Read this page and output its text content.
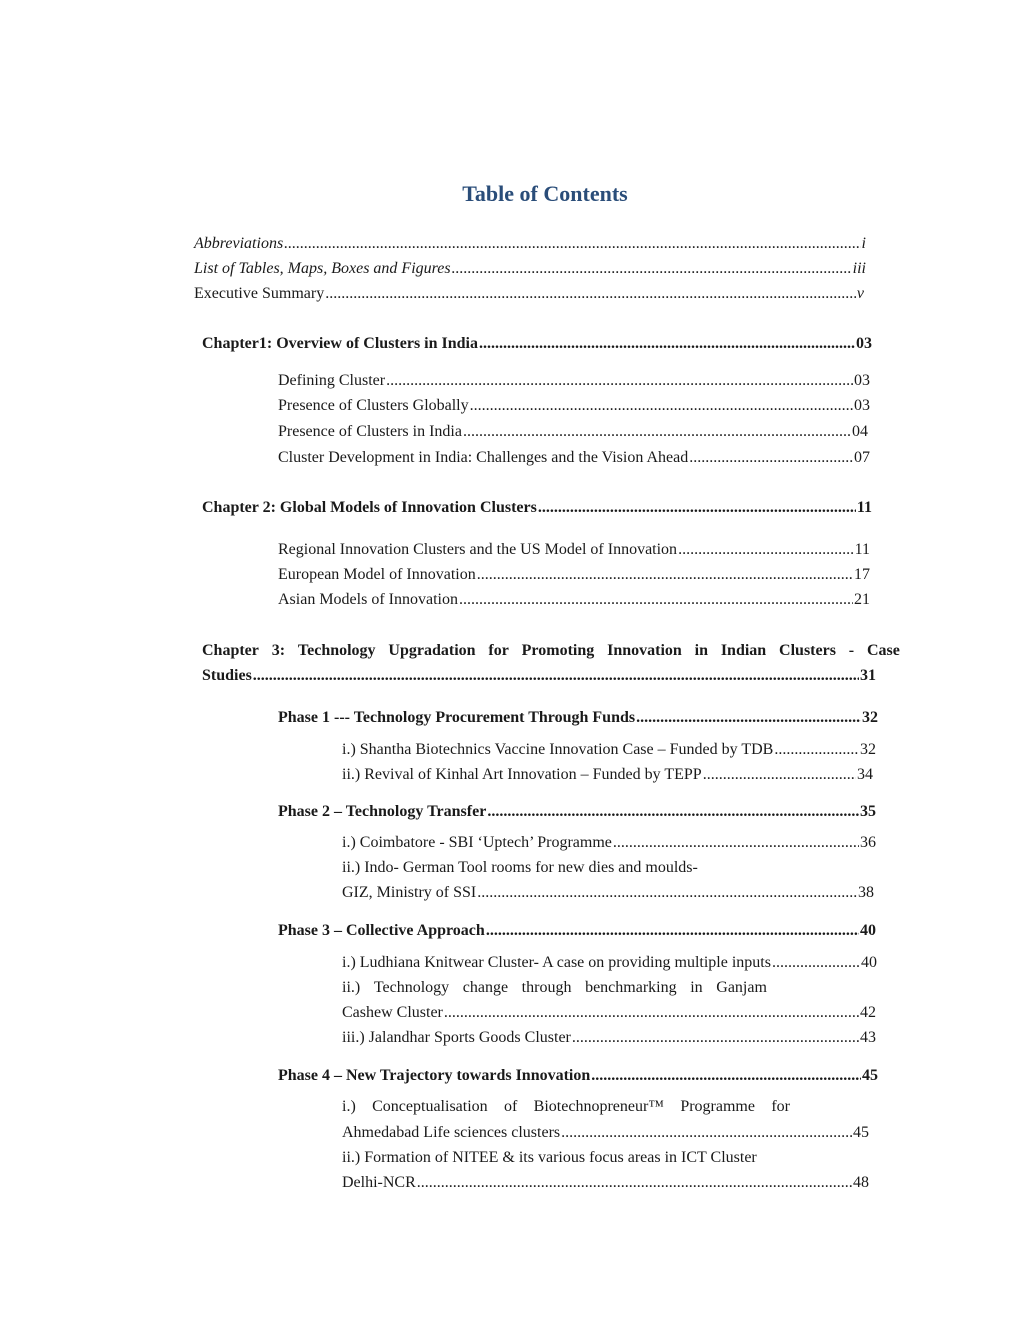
Table of Contents
Abbreviations .....	i
List of Tables, Maps, Boxes and Figures .....	iii
Executive Summary .....	v
Chapter1: Overview of Clusters in India .....	03
Defining Cluster .....	03
Presence of Clusters Globally .....	03
Presence of Clusters in India .....	04
Cluster Development in India: Challenges and the Vision Ahead .....	07
Chapter 2: Global Models of Innovation Clusters .....	11
Regional Innovation Clusters and the US Model of Innovation .....	11
European Model of Innovation .....	17
Asian Models of Innovation .....	21
Chapter 3: Technology Upgradation for Promoting Innovation in Indian Clusters - Case
Studies .....	31
Phase 1 --- Technology Procurement Through Funds .....	32
i.) Shantha Biotechnics Vaccine Innovation Case – Funded by TDB .....	32
ii.) Revival of Kinhal Art Innovation – Funded by TEPP .....	34
Phase 2 – Technology Transfer .....	35
i.) Coimbatore - SBI ‘Uptech’ Programme .....	36
ii.) Indo- German Tool rooms for new dies and moulds-
GIZ, Ministry of SSI .....	38
Phase 3 – Collective Approach .....	40
i.) Ludhiana Knitwear Cluster- A case on providing multiple inputs .....	40
ii.) Technology change through benchmarking in Ganjam
Cashew Cluster .....	42
iii.) Jalandhar Sports Goods Cluster .....	43
Phase 4 – New Trajectory towards Innovation .....	45
i.) Conceptualisation of Biotechnopreneur™ Programme for
Ahmedabad Life sciences clusters .....	45
ii.) Formation of NITEE & its various focus areas in ICT Cluster
Delhi-NCR .....	48
